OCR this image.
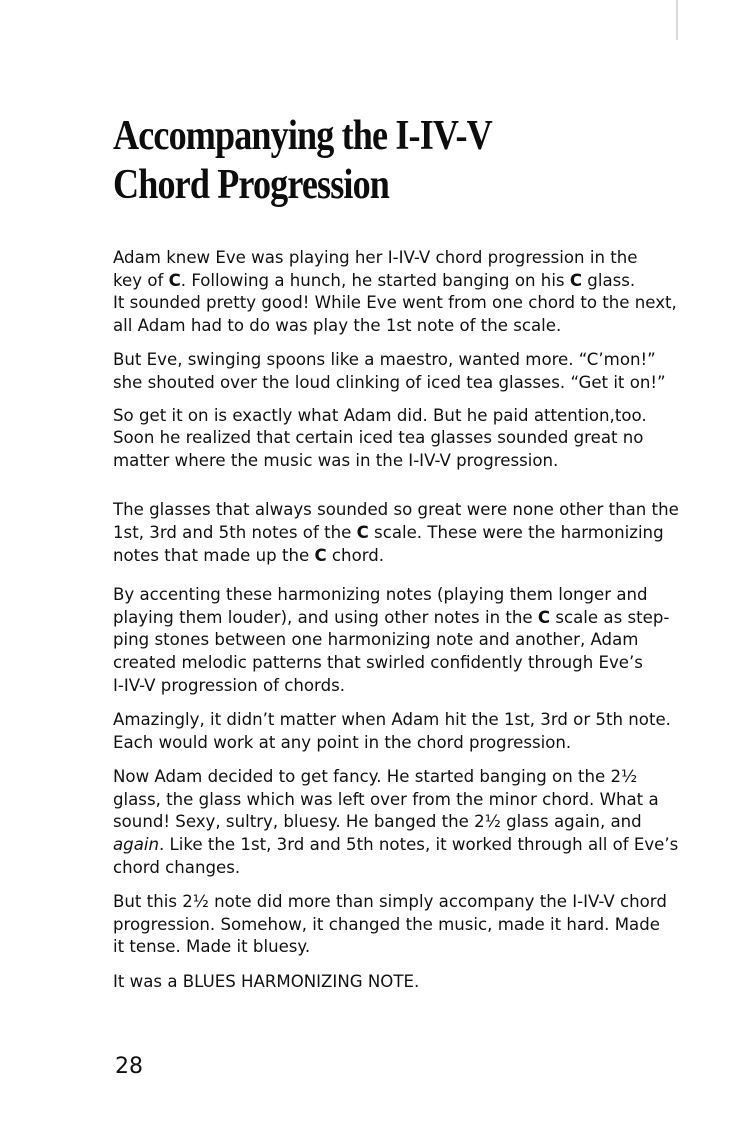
Accompanying the I-IV-V Chord Progression

Adam knew Eve was playing her I-IV-V chord progression in the
key of C. Following a hunch, he started banging on his C glass.
It sounded pretty good! While Eve went from one chord to the next,
all Adam had to do was play the 1st note of the scale.

But Eve, swinging spoons like a maestro, wanted more. “C’mon!”
she shouted over the loud clinking of iced tea glasses. “Get it on!”

So get it on is exactly what Adam did. But he paid attention,too.
Soon he realized that certain iced tea glasses sounded great no
matter where the music was in the I-IV-V progression.

The glasses that always sounded so great were none other than the
1st, 3rd and 5th notes of the C scale. These were the harmonizing
notes that made up the C chord.

By accenting these harmonizing notes (playing them longer and
playing them louder), and using other notes in the C scale as step-
ping stones between one harmonizing note and another, Adam
created melodic patterns that swirled confidently through Eve’s
I-IV-V progression of chords.

Amazingly, it didn’t matter when Adam hit the 1st, 3rd or 5th note.
Each would work at any point in the chord progression.

Now Adam decided to get fancy. He started banging on the 2½
glass, the glass which was left over from the minor chord. What a
sound! Sexy, sultry, bluesy. He banged the 2½ glass again, and
again. Like the 1st, 3rd and 5th notes, it worked through all of Eve’s
chord changes.

But this 2½ note did more than simply accompany the I-IV-V chord
progression. Somehow, it changed the music, made it hard. Made
it tense. Made it bluesy.

It was a BLUES HARMONIZING NOTE.

28
